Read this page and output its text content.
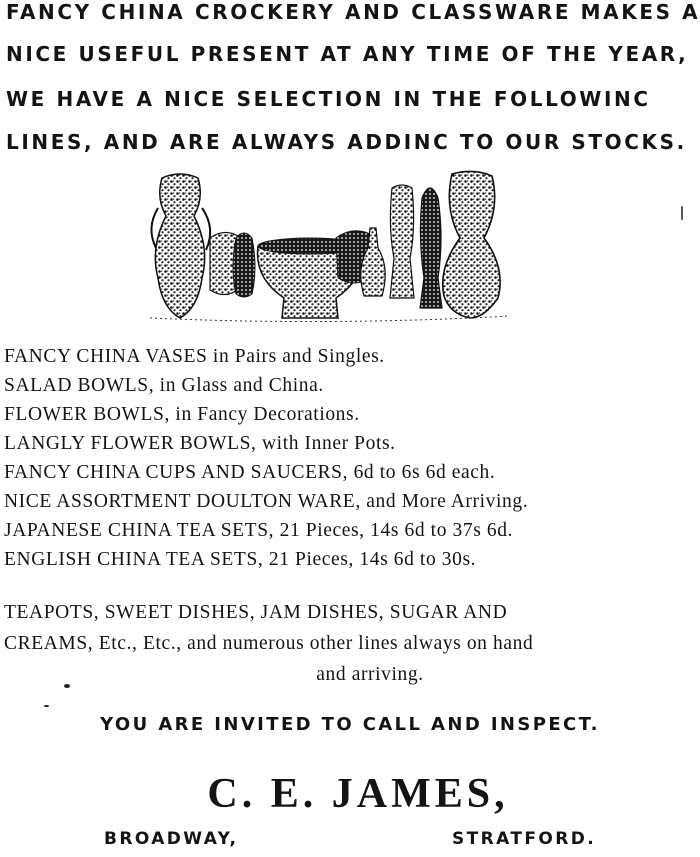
FANCY CHINA CROCKERY AND CLASSWARE MAKES A
NICE USEFUL PRESENT AT ANY TIME OF THE YEAR,
WE HAVE A NICE SELECTION IN THE FOLLOWINC
LINES, AND ARE ALWAYS ADDINC TO OUR STOCKS.
FANCY CHINA VASES in Pairs and Singles.
SALAD BOWLS, in Glass and China.
FLOWER BOWLS, in Fancy Decorations.
LANGLY FLOWER BOWLS, with Inner Pots.
FANCY CHINA CUPS AND SAUCERS, 6d to 6s 6d each.
NICE ASSORTMENT DOULTON WARE, and More Arriving.
JAPANESE CHINA TEA SETS, 21 Pieces, 14s 6d to 37s 6d.
ENGLISH CHINA TEA SETS, 21 Pieces, 14s 6d to 30s.
TEAPOTS, SWEET DISHES, JAM DISHES, SUGAR AND
CREAMS, Etc., Etc., and numerous other lines always on hand
and arriving.
YOU ARE INVITED TO CALL AND INSPECT.
C. E. JAMES,
BROADWAY,	STRATFORD.
